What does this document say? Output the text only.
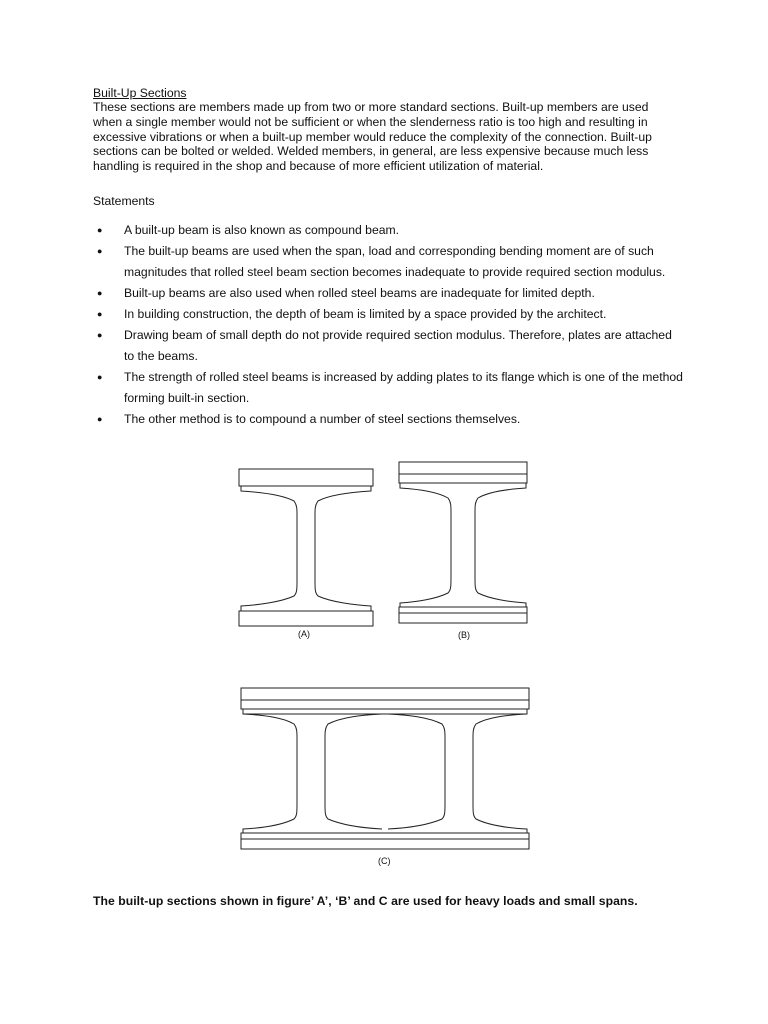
Built-Up Sections

These sections are members made up from two or more standard sections. Built-up members are used when a single member would not be sufficient or when the slenderness ratio is too high and resulting in excessive vibrations or when a built-up member would reduce the complexity of the connection. Built-up sections can be bolted or welded. Welded members, in general, are less expensive because much less handling is required in the shop and because of more efficient utilization of material.

Statements

● A built-up beam is also known as compound beam.
● The built-up beams are used when the span, load and corresponding bending moment are of such magnitudes that rolled steel beam section becomes inadequate to provide required section modulus.
● Built-up beams are also used when rolled steel beams are inadequate for limited depth.
● In building construction, the depth of beam is limited by a space provided by the architect.
● Drawing beam of small depth do not provide required section modulus. Therefore, plates are attached to the beams.
● The strength of rolled steel beams is increased by adding plates to its flange which is one of the method forming built-in section.
● The other method is to compound a number of steel sections themselves.
(A)	(B)
(C)

The built-up sections shown in figure’ A’, ‘B’ and C are used for heavy loads and small spans.
